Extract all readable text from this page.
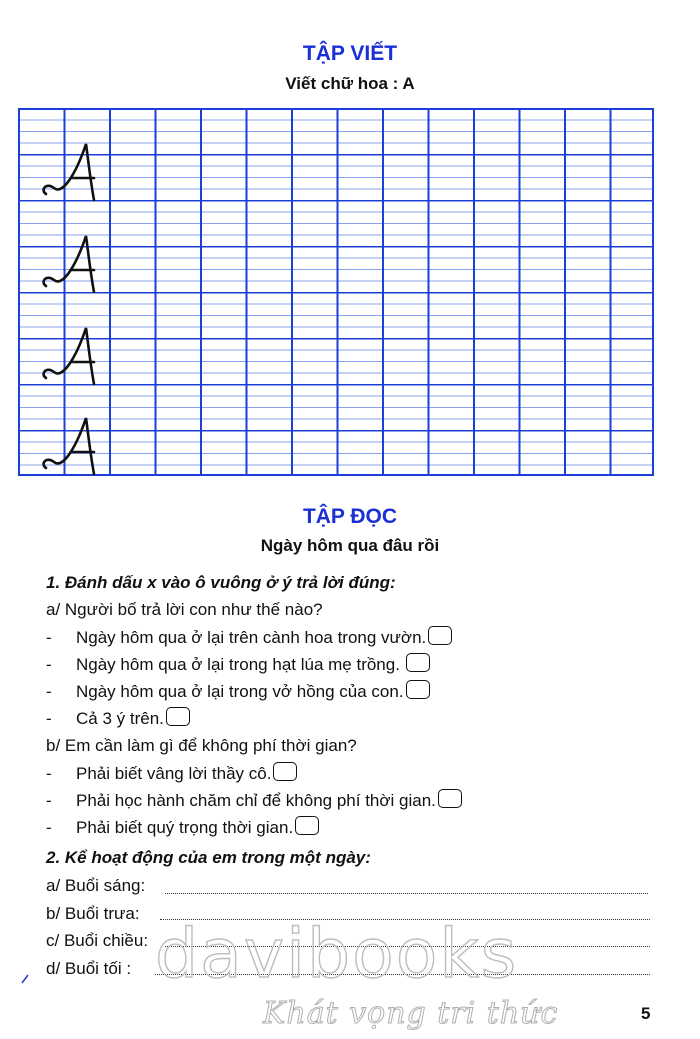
TẬP VIẾT
Viết chữ hoa : A
TẬP ĐỌC
Ngày hôm qua đâu rồi
1. Đánh dấu x vào ô vuông ở ý trả lời đúng:
a/ Người bố trả lời con như thế nào?
- Ngày hôm qua ở lại trên cành hoa trong vườn.
- Ngày hôm qua ở lại trong hạt lúa mẹ trồng.
- Ngày hôm qua ở lại trong vở hồng của con.
- Cả 3 ý trên.
b/ Em cần làm gì để không phí thời gian?
- Phải biết vâng lời thầy cô.
- Phải học hành chăm chỉ để không phí thời gian.
- Phải biết quý trọng thời gian.
2. Kể hoạt động của em trong một ngày:
a/ Buổi sáng:
b/ Buổi trưa:
c/ Buổi chiều:
d/ Buổi tối : davibooks
Khát vọng tri thức	5
